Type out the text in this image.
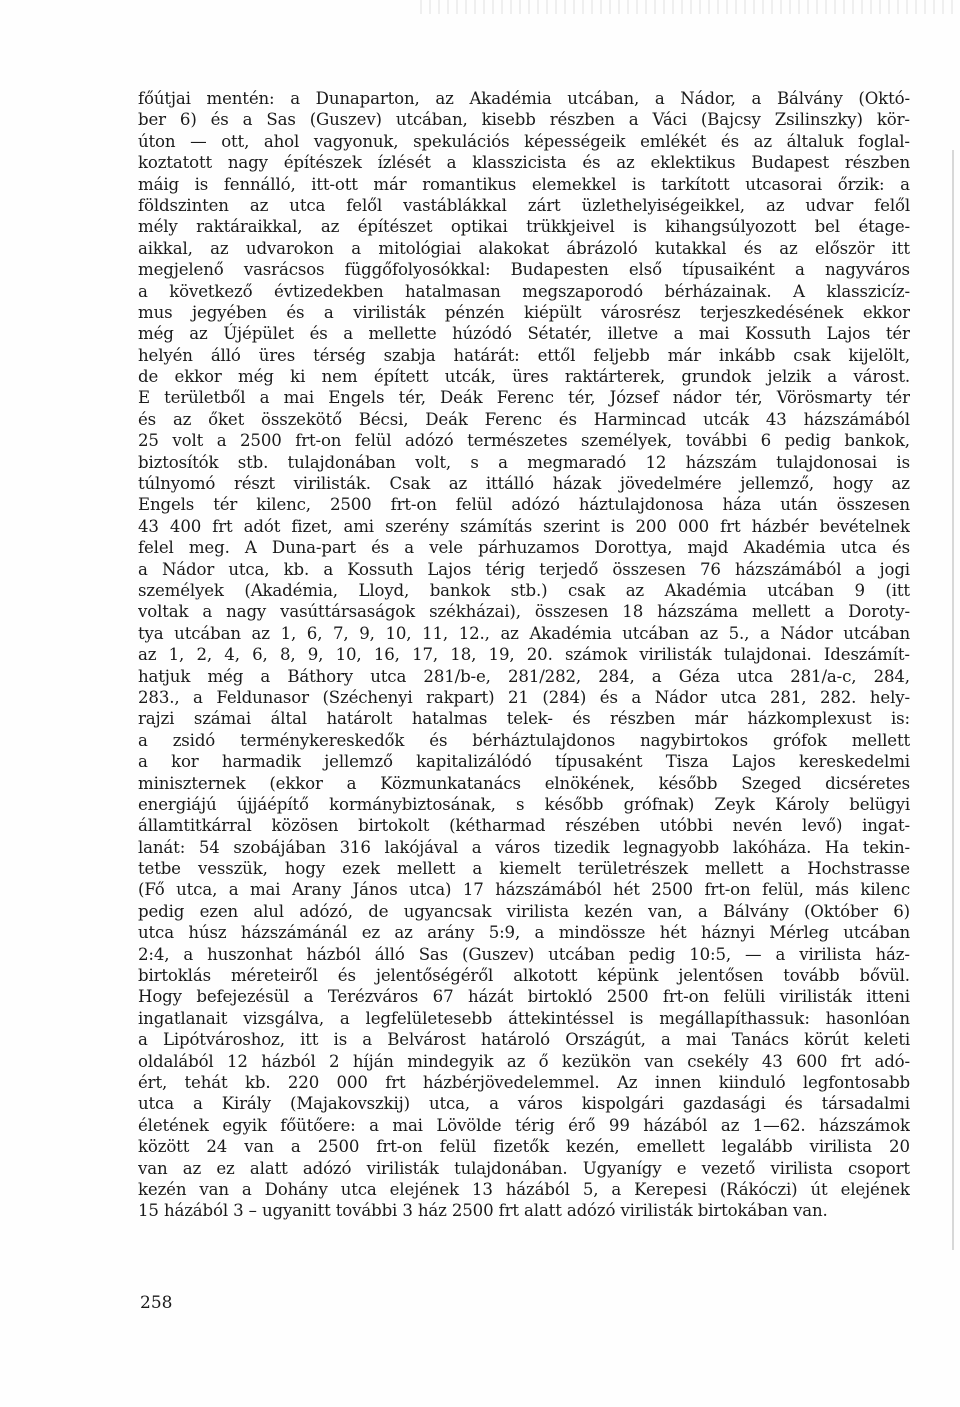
főútjai mentén: a Dunaparton, az Akadémia utcában, a Nádor, a Bálvány (Októ-
ber 6) és a Sas (Guszev) utcában, kisebb részben a Váci (Bajcsy Zsilinszky) kör-
úton — ott, ahol vagyonuk, spekulációs képességeik emlékét és az általuk foglal-
koztatott nagy építészek ízlését a klasszicista és az eklektikus Budapest részben
máig is fennálló, itt-ott már romantikus elemekkel is tarkított utcasorai őrzik: a
földszinten az utca felől vastáblákkal zárt üzlethelyiségeikkel, az udvar felől
mély raktáraikkal, az építészet optikai trükkjeivel is kihangsúlyozott bel étage-
aikkal, az udvarokon a mitológiai alakokat ábrázoló kutakkal és az először itt
megjelenő vasrácsos függőfolyosókkal: Budapesten első típusaiként a nagyváros
a következő évtizedekben hatalmasan megszaporodó bérházainak. A klasszicíz-
mus jegyében és a virilisták pénzén kiépült városrész terjeszkedésének ekkor
még az Újépület és a mellette húzódó Sétatér, illetve a mai Kossuth Lajos tér
helyén álló üres térség szabja határát: ettől feljebb már inkább csak kijelölt,
de ekkor még ki nem épített utcák, üres raktárterek, grundok jelzik a várost.
E területből a mai Engels tér, Deák Ferenc tér, József nádor tér, Vörösmarty tér
és az őket összekötő Bécsi, Deák Ferenc és Harmincad utcák 43 házszámából
25 volt a 2500 frt-on felül adózó természetes személyek, további 6 pedig bankok,
biztosítók stb. tulajdonában volt, s a megmaradó 12 házszám tulajdonosai is
túlnyomó részt virilisták. Csak az ittálló házak jövedelmére jellemző, hogy az
Engels tér kilenc, 2500 frt-on felül adózó háztulajdonosa háza után összesen
43 400 frt adót fizet, ami szerény számítás szerint is 200 000 frt házbér bevételnek
felel meg. A Duna-part és a vele párhuzamos Dorottya, majd Akadémia utca és
a Nádor utca, kb. a Kossuth Lajos térig terjedő összesen 76 házszámából a jogi
személyek (Akadémia, Lloyd, bankok stb.) csak az Akadémia utcában 9 (itt
voltak a nagy vasúttársaságok székházai), összesen 18 házszáma mellett a Doroty-
tya utcában az 1, 6, 7, 9, 10, 11, 12., az Akadémia utcában az 5., a Nádor utcában
az 1, 2, 4, 6, 8, 9, 10, 16, 17, 18, 19, 20. számok virilisták tulajdonai. Ideszámít-
hatjuk még a Báthory utca 281/b-e, 281/282, 284, a Géza utca 281/a-c, 284,
283., a Feldunasor (Széchenyi rakpart) 21 (284) és a Nádor utca 281, 282. hely-
rajzi számai által határolt hatalmas telek- és részben már házkomplexust is:
a zsidó terménykereskedők és bérháztulajdonos nagybirtokos grófok mellett
a kor harmadik jellemző kapitalizálódó típusaként Tisza Lajos kereskedelmi
miniszternek (ekkor a Közmunkatanács elnökének, később Szeged dicséretes
energiájú újjáépítő kormánybiztosának, s később grófnak) Zeyk Károly belügyi
államtitkárral közösen birtokolt (kétharmad részében utóbbi nevén levő) ingat-
lanát: 54 szobájában 316 lakójával a város tizedik legnagyobb lakóháza. Ha tekin-
tetbe vesszük, hogy ezek mellett a kiemelt területrészek mellett a Hochstrasse
(Fő utca, a mai Arany János utca) 17 házszámából hét 2500 frt-on felül, más kilenc
pedig ezen alul adózó, de ugyancsak virilista kezén van, a Bálvány (Október 6)
utca húsz házszámánál ez az arány 5:9, a mindössze hét háznyi Mérleg utcában
2:4, a huszonhat házból álló Sas (Guszev) utcában pedig 10:5, — a virilista ház-
birtoklás méreteiről és jelentőségéről alkotott képünk jelentősen tovább bővül.
Hogy befejezésül a Terézváros 67 házát birtokló 2500 frt-on felüli virilisták itteni
ingatlanait vizsgálva, a legfelületesebb áttekintéssel is megállapíthassuk: hasonlóan
a Lipótvároshoz, itt is a Belvárost határoló Országút, a mai Tanács körút keleti
oldalából 12 házból 2 híján mindegyik az ő kezükön van csekély 43 600 frt adó-
ért, tehát kb. 220 000 frt házbérjövedelemmel. Az innen kiinduló legfontosabb
utca a Király (Majakovszkij) utca, a város kispolgári gazdasági és társadalmi
életének egyik főütőere: a mai Lövölde térig érő 99 házából az 1—62. házszámok
között 24 van a 2500 frt-on felül fizetők kezén, emellett legalább virilista 20
van az ez alatt adózó virilisták tulajdonában. Ugyanígy e vezető virilista csoport
kezén van a Dohány utca elejének 13 házából 5, a Kerepesi (Rákóczi) út elejének
15 házából 3 – ugyanitt további 3 ház 2500 frt alatt adózó virilisták birtokában van.
258
